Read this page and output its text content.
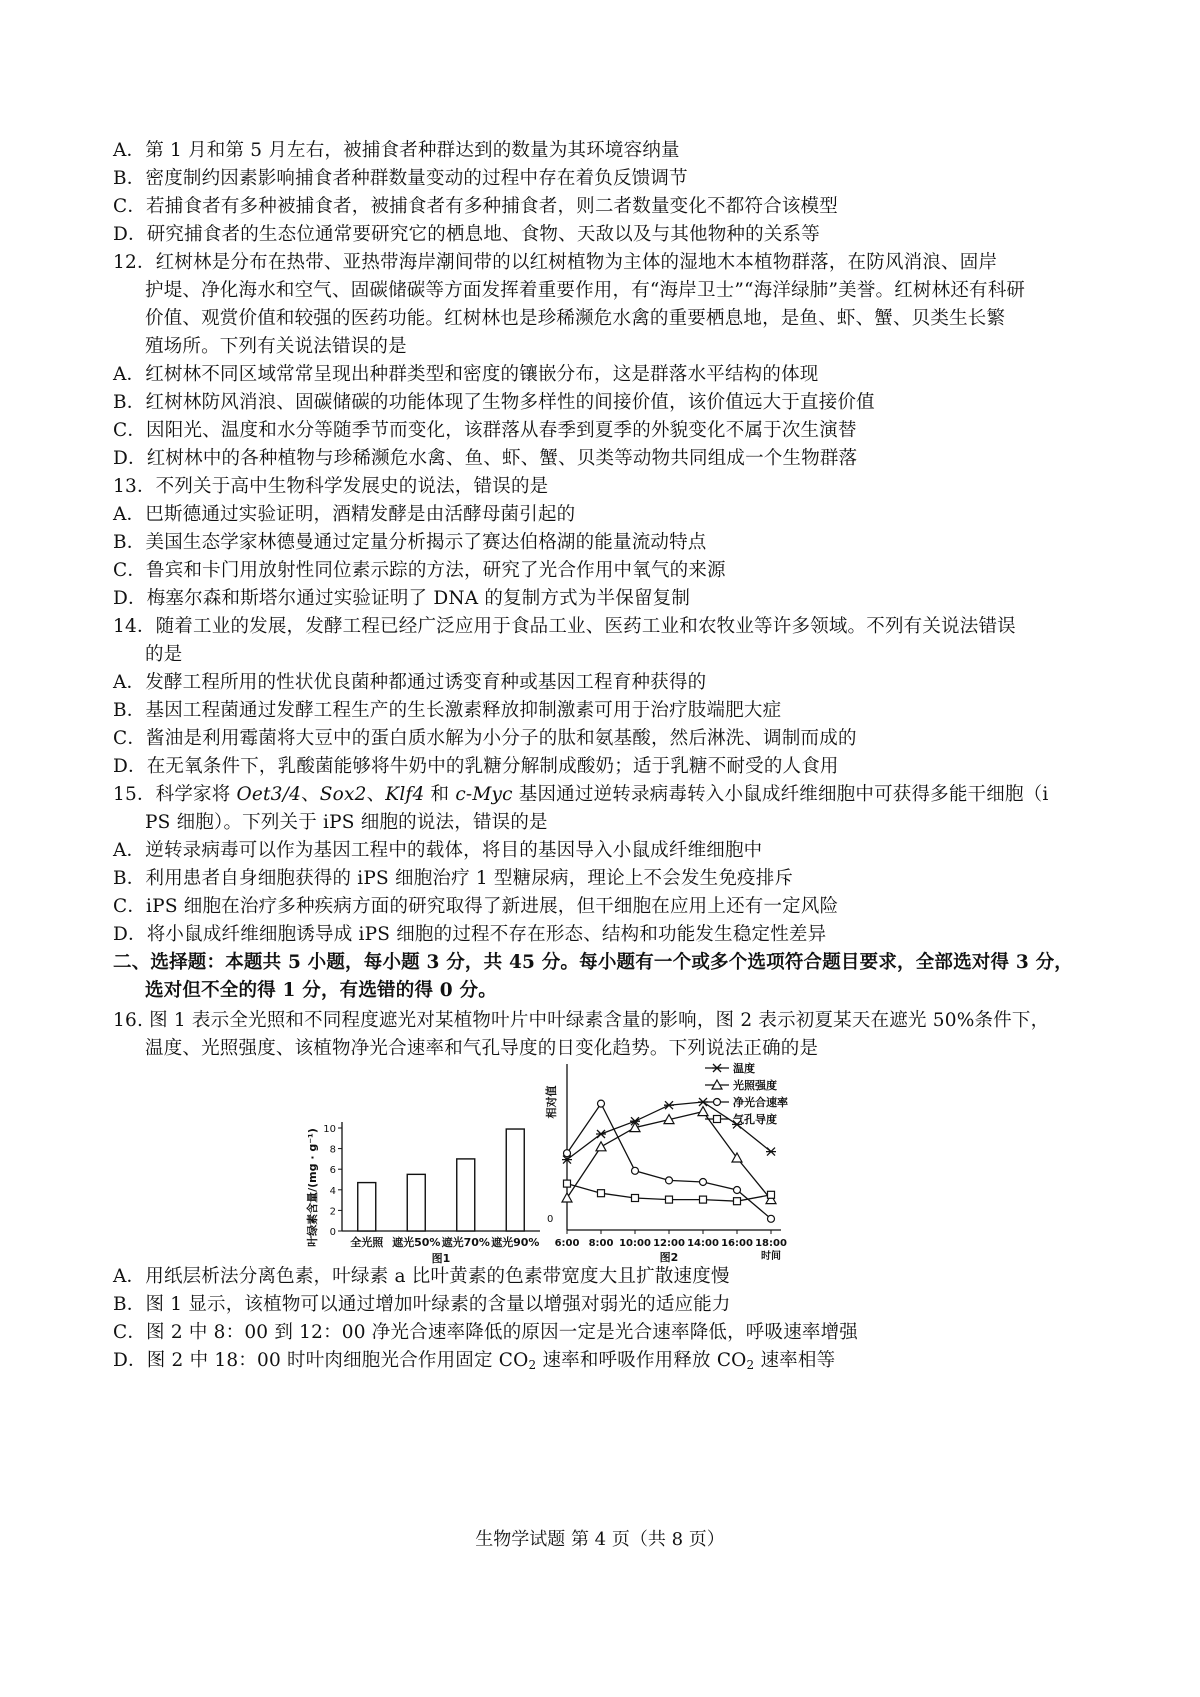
A．第 1 月和第 5 月左右，被捕食者种群达到的数量为其环境容纳量
B．密度制约因素影响捕食者种群数量变动的过程中存在着负反馈调节
C．若捕食者有多种被捕食者，被捕食者有多种捕食者，则二者数量变化不都符合该模型
D．研究捕食者的生态位通常要研究它的栖息地、食物、天敌以及与其他物种的关系等
12．红树林是分布在热带、亚热带海岸潮间带的以红树植物为主体的湿地木本植物群落，在防风消浪、固岸
护堤、净化海水和空气、固碳储碳等方面发挥着重要作用，有“海岸卫士”“海洋绿肺”美誉。红树林还有科研
价值、观赏价值和较强的医药功能。红树林也是珍稀濒危水禽的重要栖息地，是鱼、虾、蟹、贝类生长繁
殖场所。下列有关说法错误的是
A．红树林不同区域常常呈现出种群类型和密度的镶嵌分布，这是群落水平结构的体现
B．红树林防风消浪、固碳储碳的功能体现了生物多样性的间接价值，该价值远大于直接价值
C．因阳光、温度和水分等随季节而变化，该群落从春季到夏季的外貌变化不属于次生演替
D．红树林中的各种植物与珍稀濒危水禽、鱼、虾、蟹、贝类等动物共同组成一个生物群落
13．不列关于高中生物科学发展史的说法，错误的是
A．巴斯德通过实验证明，酒精发酵是由活酵母菌引起的
B．美国生态学家林德曼通过定量分析揭示了赛达伯格湖的能量流动特点
C．鲁宾和卡门用放射性同位素示踪的方法，研究了光合作用中氧气的来源
D．梅塞尔森和斯塔尔通过实验证明了 DNA 的复制方式为半保留复制
14．随着工业的发展，发酵工程已经广泛应用于食品工业、医药工业和农牧业等许多领域。不列有关说法错误
的是
A．发酵工程所用的性状优良菌种都通过诱变育种或基因工程育种获得的
B．基因工程菌通过发酵工程生产的生长激素释放抑制激素可用于治疗肢端肥大症
C．酱油是利用霉菌将大豆中的蛋白质水解为小分子的肽和氨基酸，然后淋洗、调制而成的
D．在无氧条件下，乳酸菌能够将牛奶中的乳糖分解制成酸奶；适于乳糖不耐受的人食用
15．科学家将 Oet3/4、Sox2、Klf4 和 c-Myc 基因通过逆转录病毒转入小鼠成纤维细胞中可获得多能干细胞（i
PS 细胞）。下列关于 iPS 细胞的说法，错误的是
A．逆转录病毒可以作为基因工程中的载体，将目的基因导入小鼠成纤维细胞中
B．利用患者自身细胞获得的 iPS 细胞治疗 1 型糖尿病，理论上不会发生免疫排斥
C．iPS 细胞在治疗多种疾病方面的研究取得了新进展，但干细胞在应用上还有一定风险
D．将小鼠成纤维细胞诱导成 iPS 细胞的过程不存在形态、结构和功能发生稳定性差异
二、选择题：本题共 5 小题，每小题 3 分，共 45 分。每小题有一个或多个选项符合题目要求，全部选对得 3 分，
选对但不全的得 1 分，有选错的得 0 分。
16. 图 1 表示全光照和不同程度遮光对某植物叶片中叶绿素含量的影响，图 2 表示初夏某天在遮光 50%条件下，
温度、光照强度、该植物净光合速率和气孔导度的日变化趋势。下列说法正确的是
0
2
4
6
8
10
全光照 遮光50% 遮光70% 遮光90%
叶绿素含量/(mg · g⁻¹)
图1
相对值
0
6:00 8:00 10:00 12:00 14:00 16:00 18:00
时间
图2
温度
光照强度
净光合速率
气孔导度
A．用纸层析法分离色素，叶绿素 a 比叶黄素的色素带宽度大且扩散速度慢
B．图 1 显示，该植物可以通过增加叶绿素的含量以增强对弱光的适应能力
C．图 2 中 8：00 到 12：00 净光合速率降低的原因一定是光合速率降低，呼吸速率增强
D．图 2 中 18：00 时叶肉细胞光合作用固定 $CO_2$ 速率和呼吸作用释放 $CO_2$ 速率相等
生物学试题 第 4 页（共 8 页）
